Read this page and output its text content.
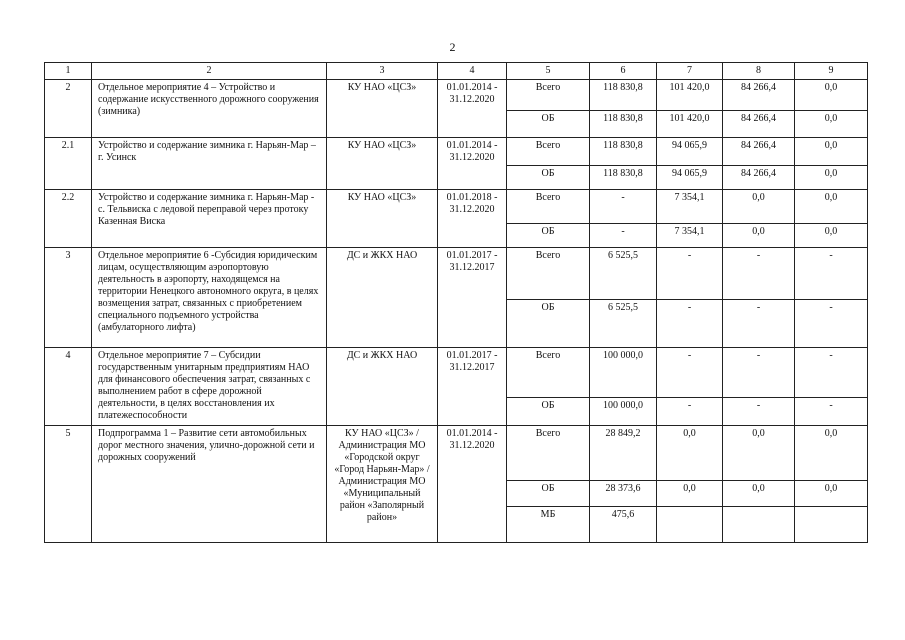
2
1	2	3	4	5	6	7	8	9
2	Отдельное мероприятие 4 – Устройство и содержание искусственного дорожного сооружения (зимника)	КУ НАО «ЦСЗ»	01.01.2014 - 31.12.2020	Всего	118 830,8	101 420,0	84 266,4	0,0
				ОБ	118 830,8	101 420,0	84 266,4	0,0
2.1	Устройство и содержание зимника г. Нарьян-Мар – г. Усинск	КУ НАО «ЦСЗ»	01.01.2014 - 31.12.2020	Всего	118 830,8	94 065,9	84 266,4	0,0
				ОБ	118 830,8	94 065,9	84 266,4	0,0
2.2	Устройство и содержание зимника г. Нарьян-Мар - с. Тельвиска с ледовой переправой через протоку Казенная Виска	КУ НАО «ЦСЗ»	01.01.2018 - 31.12.2020	Всего	-	7 354,1	0,0	0,0
				ОБ	-	7 354,1	0,0	0,0
3	Отдельное мероприятие 6 -Субсидия юридическим лицам, осуществляющим аэропортовую деятельность в аэропорту, находящемся на территории Ненецкого автономного округа, в целях возмещения затрат, связанных с приобретением специального подъемного устройства (амбулаторного лифта)	ДС и ЖКХ НАО	01.01.2017 - 31.12.2017	Всего	6 525,5	-	-	-
				ОБ	6 525,5	-	-	-
4	Отдельное мероприятие 7 – Субсидии государственным унитарным предприятиям НАО для финансового обеспечения затрат, связанных с выполнением работ в сфере дорожной деятельности, в целях восстановления их платежеспособности	ДС и ЖКХ НАО	01.01.2017 - 31.12.2017	Всего	100 000,0	-	-	-
				ОБ	100 000,0	-	-	-
5	Подпрограмма 1 – Развитие сети автомобильных дорог местного значения, улично-дорожной сети и дорожных сооружений	КУ НАО «ЦСЗ» /Администрация МО «Городской округ «Город Нарьян-Мар» /Администрация МО «Муниципальный район «Заполярный район»	01.01.2014 - 31.12.2020	Всего	28 849,2	0,0	0,0	0,0
				ОБ	28 373,6	0,0	0,0	0,0
				МБ	475,6			
